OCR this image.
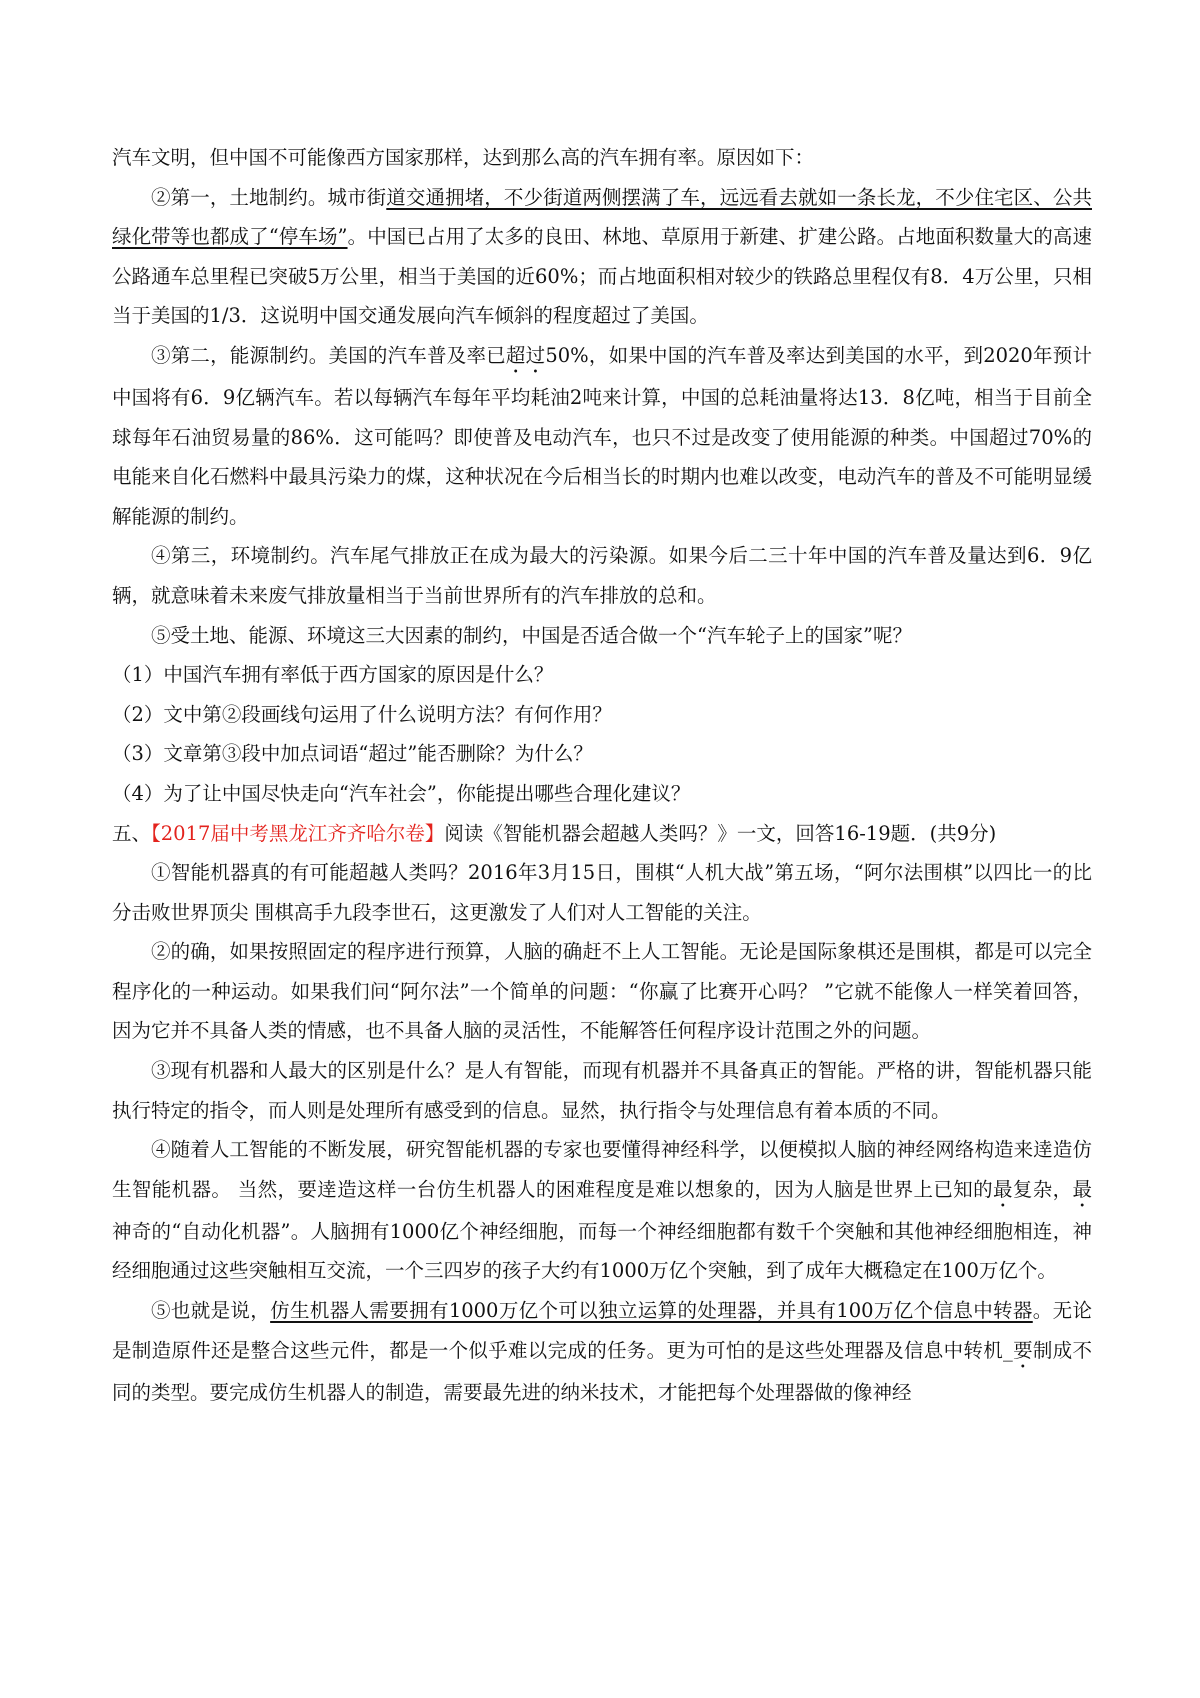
汽车文明，但中国不可能像西方国家那样，达到那么高的汽车拥有率。原因如下：

②第一，土地制约。城市街道交通拥堵，不少街道两侧摆满了车，远远看去就如一条长龙，不少住宅区、公共绿化带等也都成了“停车场”。中国已占用了太多的良田、林地、草原用于新建、扩建公路。占地面积数量大的高速公路通车总里程已突破5万公里，相当于美国的近60%；而占地面积相对较少的铁路总里程仅有8．4万公里，只相当于美国的1/3．这说明中国交通发展向汽车倾斜的程度超过了美国。

③第二，能源制约。美国的汽车普及率已超过50%，如果中国的汽车普及率达到美国的水平，到2020年预计中国将有6．9亿辆汽车。若以每辆汽车每年平均耗油2吨来计算，中国的总耗油量将达13．8亿吨，相当于目前全球每年石油贸易量的86%．这可能吗？即使普及电动汽车，也只不过是改变了使用能源的种类。中国超过70%的电能来自化石燃料中最具污染力的煤，这种状况在今后相当长的时期内也难以改变，电动汽车的普及不可能明显缓解能源的制约。

④第三，环境制约。汽车尾气排放正在成为最大的污染源。如果今后二三十年中国的汽车普及量达到6．9亿辆，就意味着未来废气排放量相当于当前世界所有的汽车排放的总和。

⑤受土地、能源、环境这三大因素的制约，中国是否适合做一个“汽车轮子上的国家”呢？

（1）中国汽车拥有率低于西方国家的原因是什么？

（2）文中第②段画线句运用了什么说明方法？有何作用？

（3）文章第③段中加点词语“超过”能否删除？为什么？

（4）为了让中国尽快走向“汽车社会”，你能提出哪些合理化建议？

五、【2017届中考黑龙江齐齐哈尔卷】阅读《智能机器会超越人类吗？》一文，回答16-19题．(共9分)

①智能机器真的有可能超越人类吗？2016年3月15日，围棋“人机大战”第五场，“阿尔法围棋”以四比一的比分击败世界顶尖 围棋高手九段李世石，这更激发了人们对人工智能的关注。

②的确，如果按照固定的程序进行预算，人脑的确赶不上人工智能。无论是国际象棋还是围棋，都是可以完全程序化的一种运动。如果我们问“阿尔法”一个简单的问题：“你赢了比赛开心吗？ ”它就不能像人一样笑着回答，因为它并不具备人类的情感，也不具备人脑的灵活性，不能解答任何程序设计范围之外的问题。

③现有机器和人最大的区别是什么？是人有智能，而现有机器并不具备真正的智能。严格的讲，智能机器只能执行特定的指令，而人则是处理所有感受到的信息。显然，执行指令与处理信息有着本质的不同。

④随着人工智能的不断发展，研究智能机器的专家也要懂得神经科学，以便模拟人脑的神经网络构造来逹造仿生智能机器。 当然，要逹造这样一台仿生机器人的困难程度是难以想象的，因为人脑是世界上已知的最复杂，最神奇的“自动化机器”。人脑拥有1000亿个神经细胞，而每一个神经细胞都有数千个突触和其他神经细胞相连，神经细胞通过这些突触相互交流，一个三四岁的孩子大约有1000万亿个突触，到了成年大概稳定在100万亿个。

⑤也就是说，仿生机器人需要拥有1000万亿个可以独立运算的处理器，并具有100万亿个信息中转器。无论是制造原件还是整合这些元件，都是一个似乎难以完成的任务。更为可怕的是这些处理器及信息中转机_要制成不同的类型。要完成仿生机器人的制造，需要最先进的纳米技术，才能把每个处理器做的像神经
